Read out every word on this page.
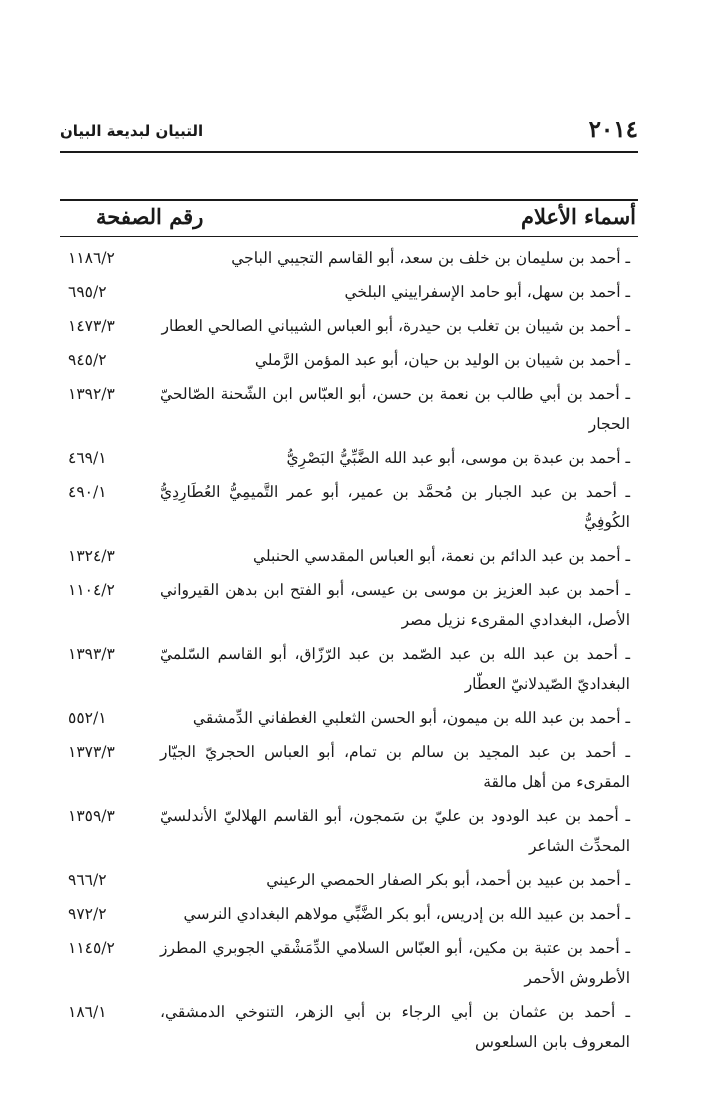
٢٠١٤
التبيان لبديعة البيان
أسماء الأعلام
رقم الصفحة
ـ أحمد بن سليمان بن خلف بن سعد، أبو القاسم التجيبي الباجي
١١٨٦/٢
ـ أحمد بن سهل، أبو حامد الإسفراييني البلخي
٦٩٥/٢
ـ أحمد بن شيبان بن تغلب بن حيدرة، أبو العباس الشيباني الصالحي العطار
١٤٧٣/٣
ـ أحمد بن شيبان بن الوليد بن حيان، أبو عبد المؤمن الرَّملي
٩٤٥/٢
ـ أحمد بن أبي طالب بن نعمة بن حسن، أبو العبّاس ابن الشّحنة الصّالحيّ الحجار
١٣٩٢/٣
ـ أحمد بن عبدة بن موسى، أبو عبد الله الضَّبِّيُّ البَصْرِيُّ
٤٦٩/١
ـ أحمد بن عبد الجبار بن مُحمَّد بن عمير، أبو عمر التَّميمِيُّ العُطَارِدِيُّ الكُوفِيُّ
٤٩٠/١
ـ أحمد بن عبد الدائم بن نعمة، أبو العباس المقدسي الحنبلي
١٣٢٤/٣
ـ أحمد بن عبد العزيز بن موسى بن عيسى، أبو الفتح ابن بدهن القيرواني الأصل، البغدادي المقرىء نزيل مصر
١١٠٤/٢
ـ أحمد بن عبد الله بن عبد الصّمد بن عبد الرّزّاق، أبو القاسم السّلميّ البغداديّ الصّيدلانيّ العطّار
١٣٩٣/٣
ـ أحمد بن عبد الله بن ميمون، أبو الحسن الثعلبي الغطفاني الدِّمشقي
٥٥٢/١
ـ أحمد بن عبد المجيد بن سالم بن تمام، أبو العباس الحجريّ الجيّار المقرىء من أهل مالقة
١٣٧٣/٣
ـ أحمد بن عبد الودود بن عليّ بن سَمجون، أبو القاسم الهلاليّ الأندلسيّ المحدِّث الشاعر
١٣٥٩/٣
ـ أحمد بن عبيد بن أحمد، أبو بكر الصفار الحمصي الرعيني
٩٦٦/٢
ـ أحمد بن عبيد الله بن إدريس، أبو بكر الضَّبِّي مولاهم البغدادي النرسي
٩٧٢/٢
ـ أحمد بن عتبة بن مكين، أبو العبّاس السلامي الدِّمَشْقي الجوبري المطرز الأطروش الأحمر
١١٤٥/٢
ـ أحمد بن عثمان بن أبي الرجاء بن أبي الزهر، التنوخي الدمشقي، المعروف بابن السلعوس
١٨٦/١
